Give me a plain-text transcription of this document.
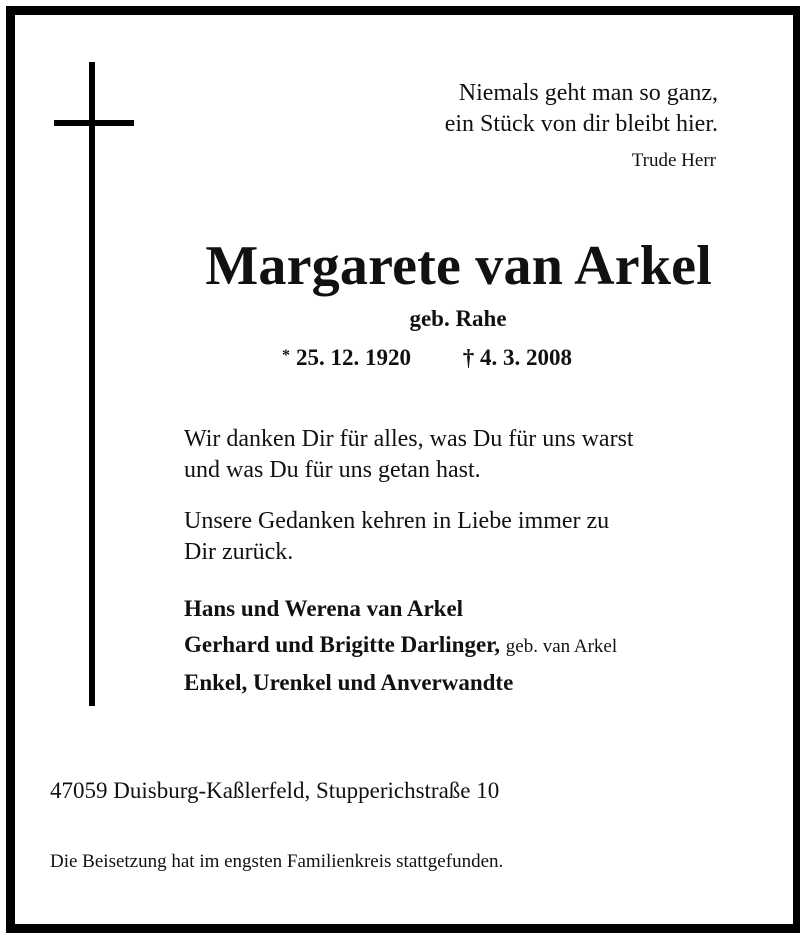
Niemals geht man so ganz,
ein Stück von dir bleibt hier.
Trude Herr
Margarete van Arkel
geb. Rahe
* 25. 12. 1920 † 4. 3. 2008
Wir danken Dir für alles, was Du für uns warst
und was Du für uns getan hast.
Unsere Gedanken kehren in Liebe immer zu
Dir zurück.
Hans und Werena van Arkel
Gerhard und Brigitte Darlinger, geb. van Arkel
Enkel, Urenkel und Anverwandte
47059 Duisburg-Kaßlerfeld, Stupperichstraße 10
Die Beisetzung hat im engsten Familienkreis stattgefunden.
